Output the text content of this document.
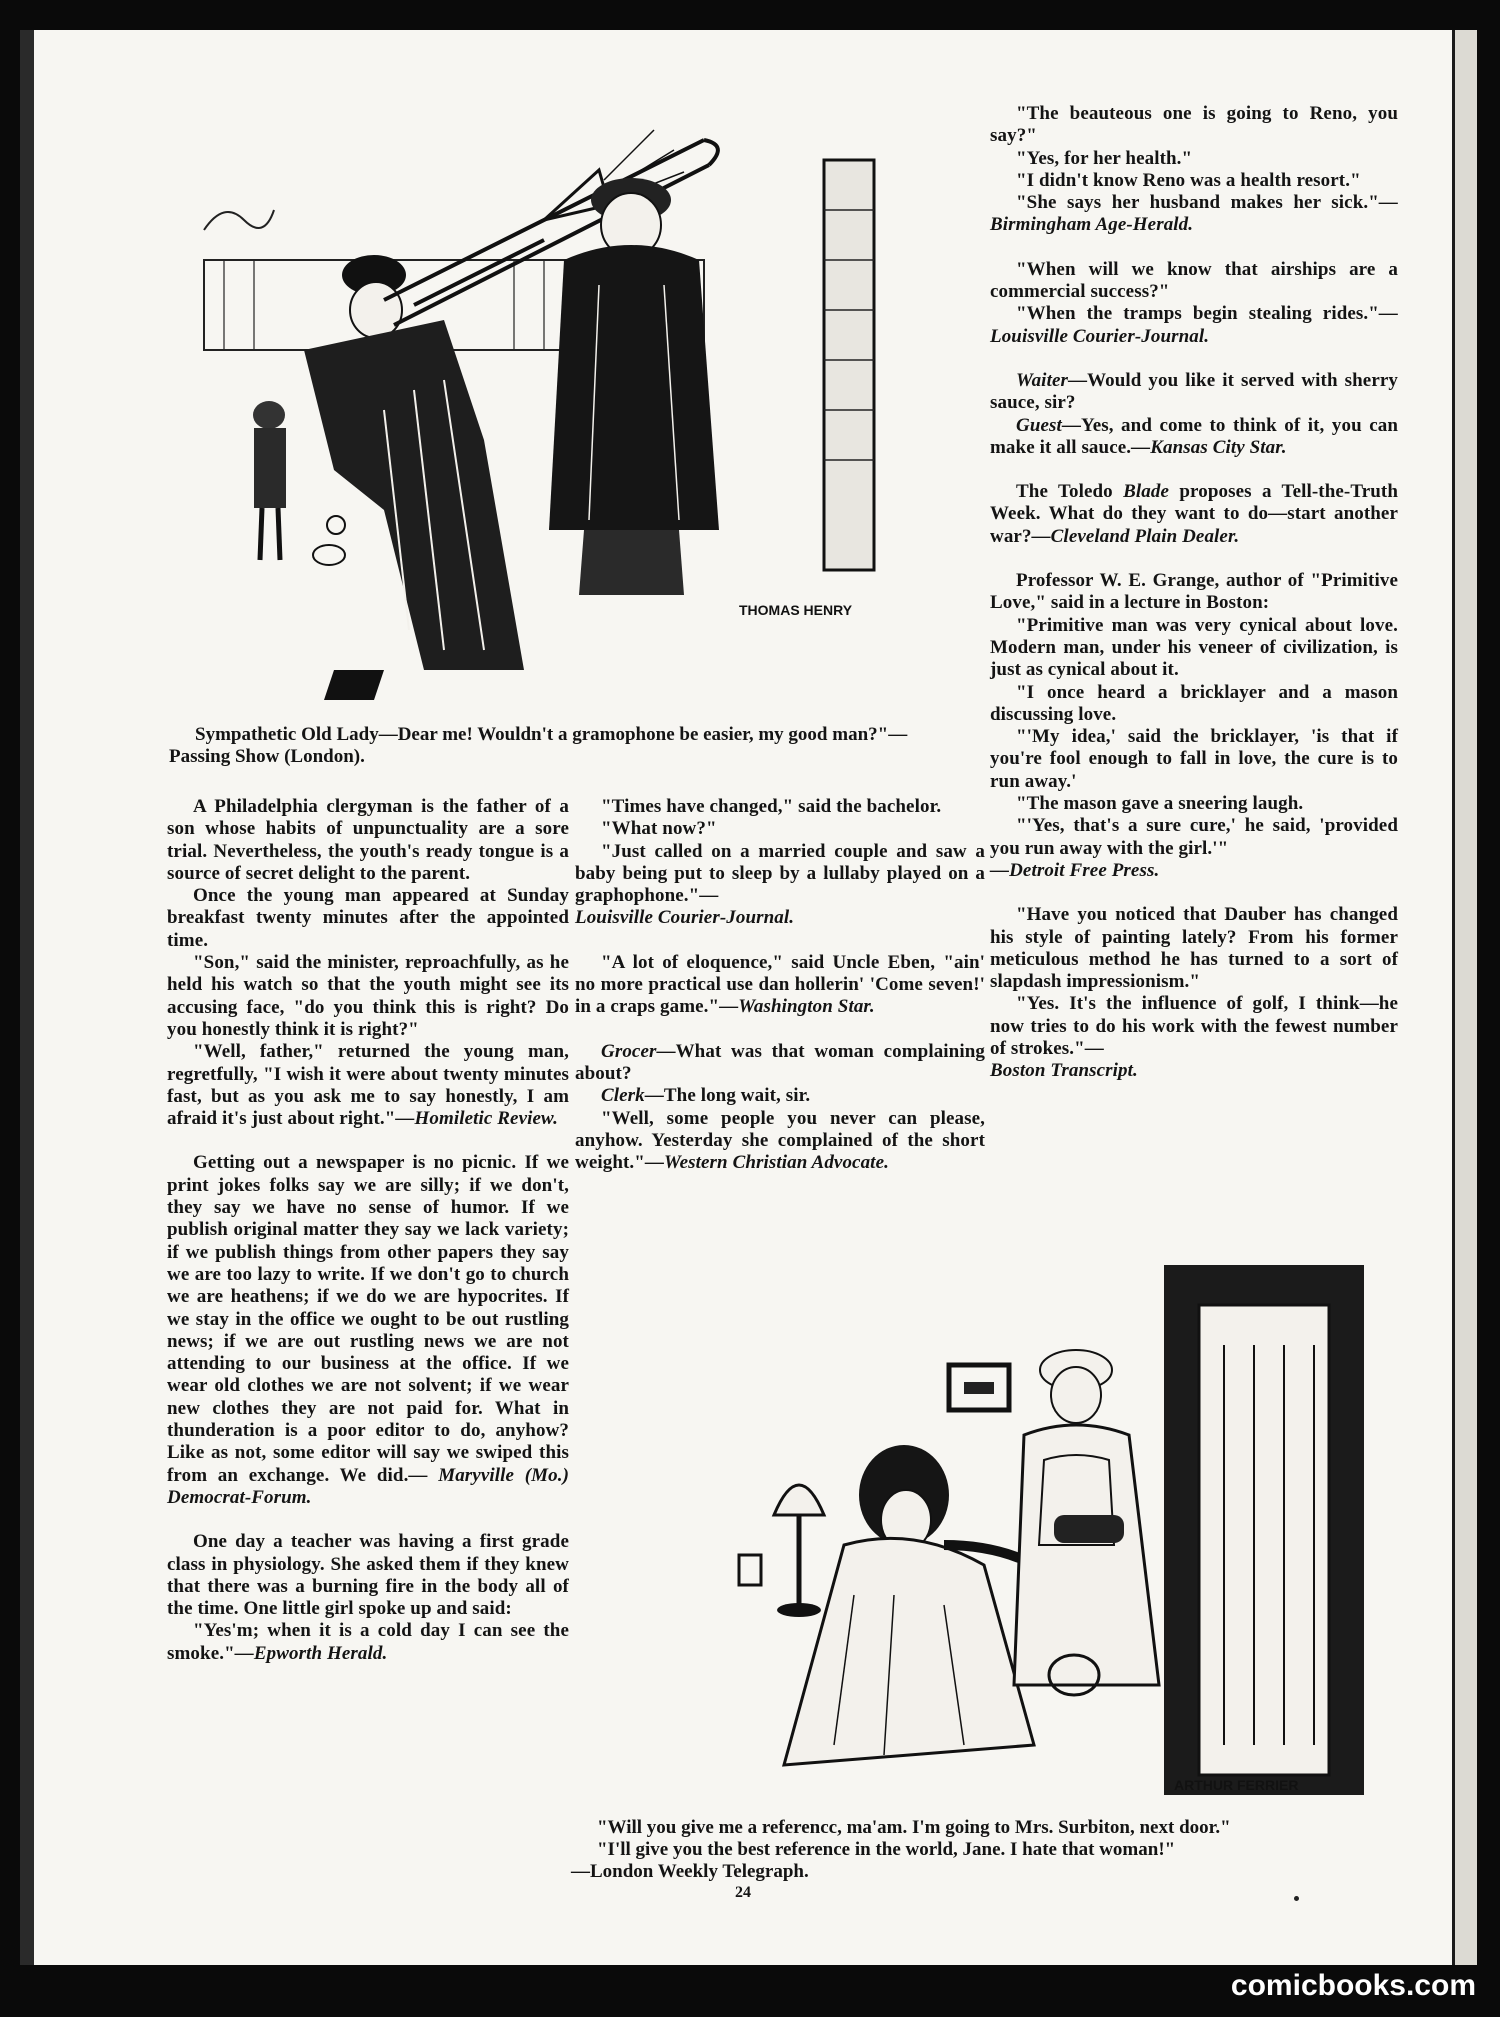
THOMAS HENRY

Sympathetic Old Lady—Dear me! Wouldn't a gramophone be easier, my good man?"—Passing Show (London).

A Philadelphia clergyman is the father of a son whose habits of unpunctuality are a sore trial. Nevertheless, the youth's ready tongue is a source of secret delight to the parent.

Once the young man appeared at Sunday breakfast twenty minutes after the appointed time.

"Son," said the minister, reproachfully, as he held his watch so that the youth might see its accusing face, "do you think this is right? Do you honestly think it is right?"

"Well, father," returned the young man, regretfully, "I wish it were about twenty minutes fast, but as you ask me to say honestly, I am afraid it's just about right."—Homiletic Review.

Getting out a newspaper is no picnic. If we print jokes folks say we are silly; if we don't, they say we have no sense of humor. If we publish original matter they say we lack variety; if we publish things from other papers they say we are too lazy to write. If we don't go to church we are heathens; if we do we are hypocrites. If we stay in the office we ought to be out rustling news; if we are out rustling news we are not attending to our business at the office. If we wear old clothes we are not solvent; if we wear new clothes they are not paid for. What in thunderation is a poor editor to do, anyhow? Like as not, some editor will say we swiped this from an exchange. We did.— Maryville (Mo.) Democrat-Forum.

One day a teacher was having a first grade class in physiology. She asked them if they knew that there was a burning fire in the body all of the time. One little girl spoke up and said:

"Yes'm; when it is a cold day I can see the smoke."—Epworth Herald.

"Times have changed," said the bachelor.

"What now?"

"Just called on a married couple and saw a baby being put to sleep by a lullaby played on a graphophone."—

Louisville Courier-Journal.

"A lot of eloquence," said Uncle Eben, "ain' no more practical use dan hollerin' 'Come seven!' in a craps game."—Washington Star.

Grocer—What was that woman complaining about?

Clerk—The long wait, sir.

"Well, some people you never can please, anyhow. Yesterday she complained of the short weight."—Western Christian Advocate.

"The beauteous one is going to Reno, you say?"

"Yes, for her health."

"I didn't know Reno was a health resort."

"She says her husband makes her sick."—Birmingham Age-Herald.

"When will we know that airships are a commercial success?"

"When the tramps begin stealing rides."—Louisville Courier-Journal.

Waiter—Would you like it served with sherry sauce, sir?

Guest—Yes, and come to think of it, you can make it all sauce.—Kansas City Star.

The Toledo Blade proposes a Tell-the-Truth Week. What do they want to do—start another war?—Cleveland Plain Dealer.

Professor W. E. Grange, author of "Primitive Love," said in a lecture in Boston:

"Primitive man was very cynical about love. Modern man, under his veneer of civilization, is just as cynical about it.

"I once heard a bricklayer and a mason discussing love.

"'My idea,' said the bricklayer, 'is that if you're fool enough to fall in love, the cure is to run away.'

"The mason gave a sneering laugh.

"'Yes, that's a sure cure,' he said, 'provided you run away with the girl.'"

—Detroit Free Press.

"Have you noticed that Dauber has changed his style of painting lately? From his former meticulous method he has turned to a sort of slapdash impressionism."

"Yes. It's the influence of golf, I think—he now tries to do his work with the fewest number of strokes."—

Boston Transcript.

ARTHUR FERRIER

"Will you give me a referencc, ma'am. I'm going to Mrs. Surbiton, next door."

"I'll give you the best reference in the world, Jane. I hate that woman!"

—London Weekly Telegraph.

24
comicbooks.com
